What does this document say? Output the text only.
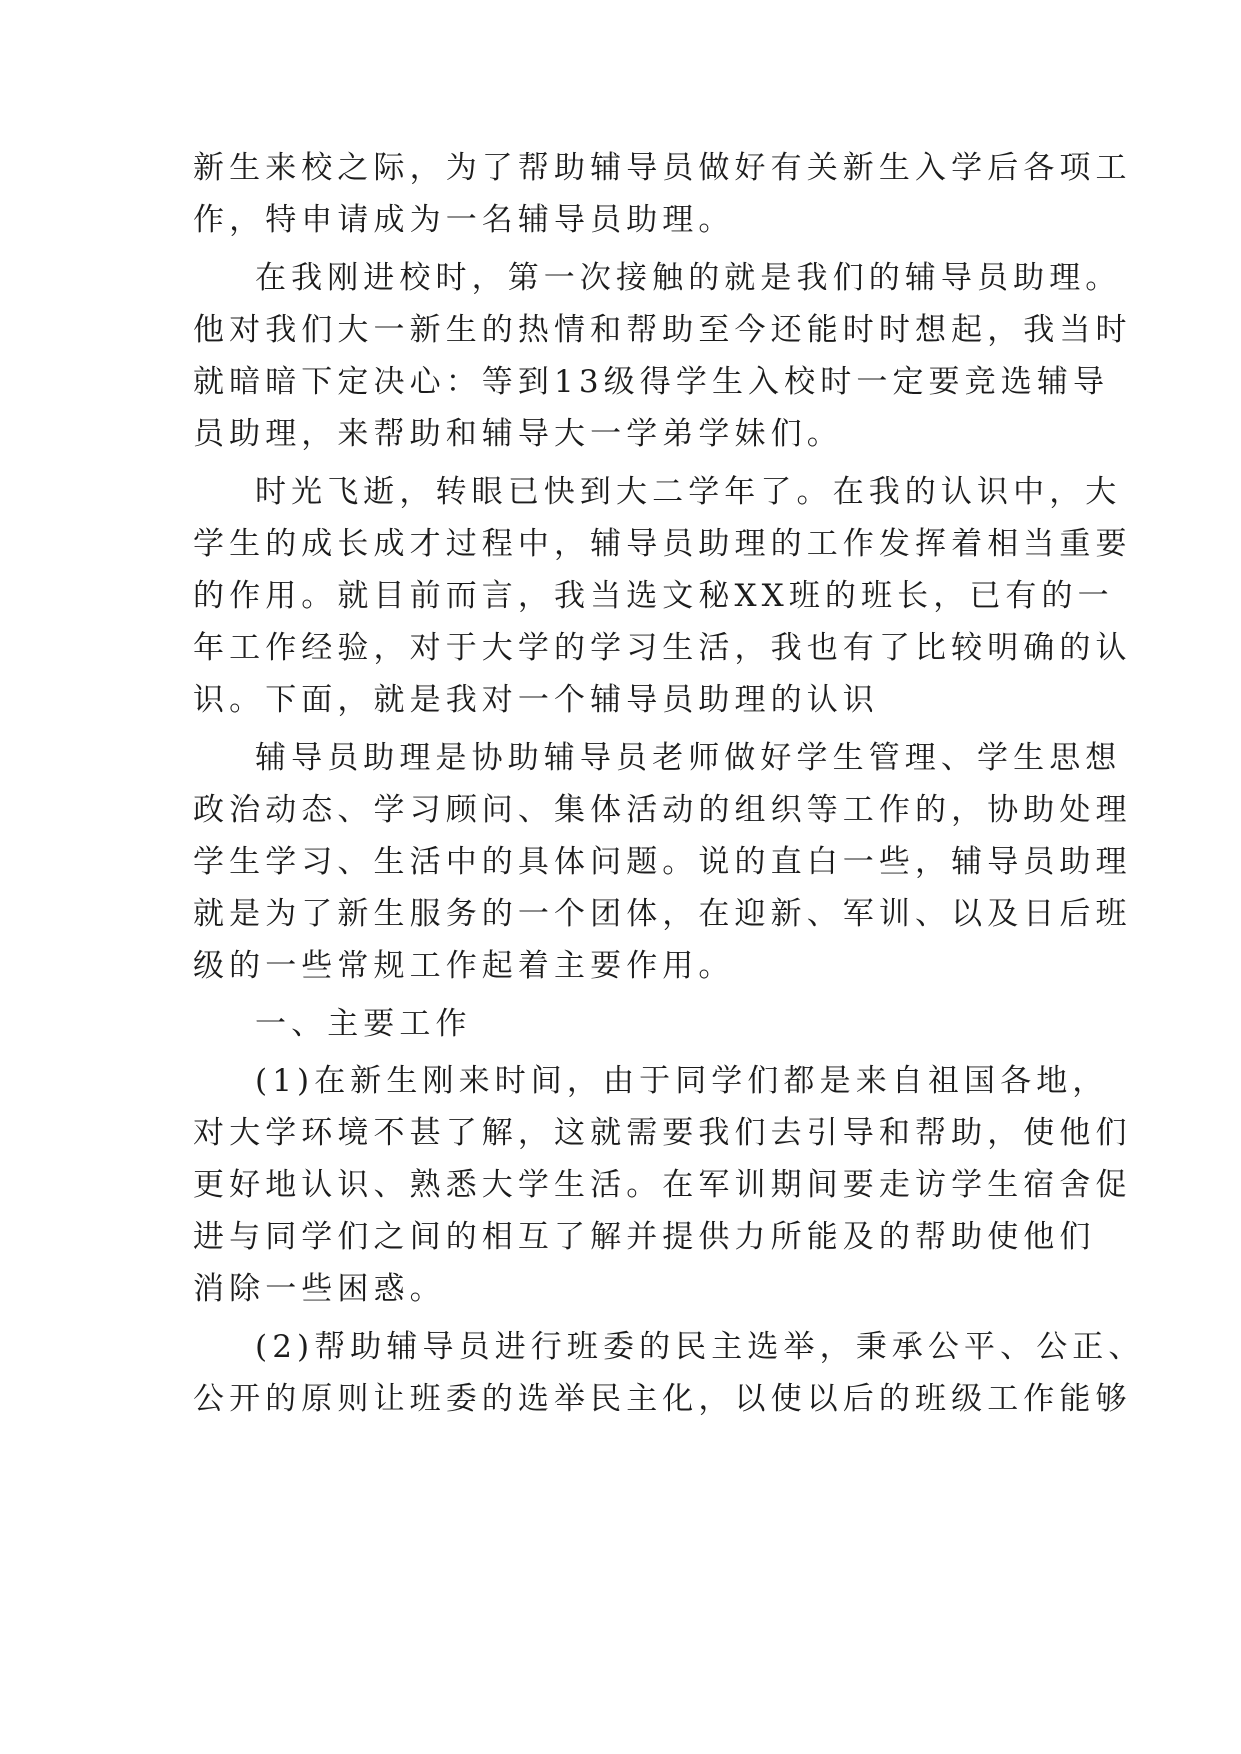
新生来校之际，为了帮助辅导员做好有关新生入学后各项工
作，特申请成为一名辅导员助理。
在我刚进校时，第一次接触的就是我们的辅导员助理。
他对我们大一新生的热情和帮助至今还能时时想起，我当时
就暗暗下定决心：等到13级得学生入校时一定要竞选辅导
员助理，来帮助和辅导大一学弟学妹们。
时光飞逝，转眼已快到大二学年了。在我的认识中，大
学生的成长成才过程中，辅导员助理的工作发挥着相当重要
的作用。就目前而言，我当选文秘XX班的班长，已有的一
年工作经验，对于大学的学习生活，我也有了比较明确的认
识。下面，就是我对一个辅导员助理的认识
辅导员助理是协助辅导员老师做好学生管理、学生思想
政治动态、学习顾问、集体活动的组织等工作的，协助处理
学生学习、生活中的具体问题。说的直白一些，辅导员助理
就是为了新生服务的一个团体，在迎新、军训、以及日后班
级的一些常规工作起着主要作用。
一、主要工作
(1)在新生刚来时间，由于同学们都是来自祖国各地，
对大学环境不甚了解，这就需要我们去引导和帮助，使他们
更好地认识、熟悉大学生活。在军训期间要走访学生宿舍促
进与同学们之间的相互了解并提供力所能及的帮助使他们
消除一些困惑。
(2)帮助辅导员进行班委的民主选举，秉承公平、公正、
公开的原则让班委的选举民主化，以使以后的班级工作能够
